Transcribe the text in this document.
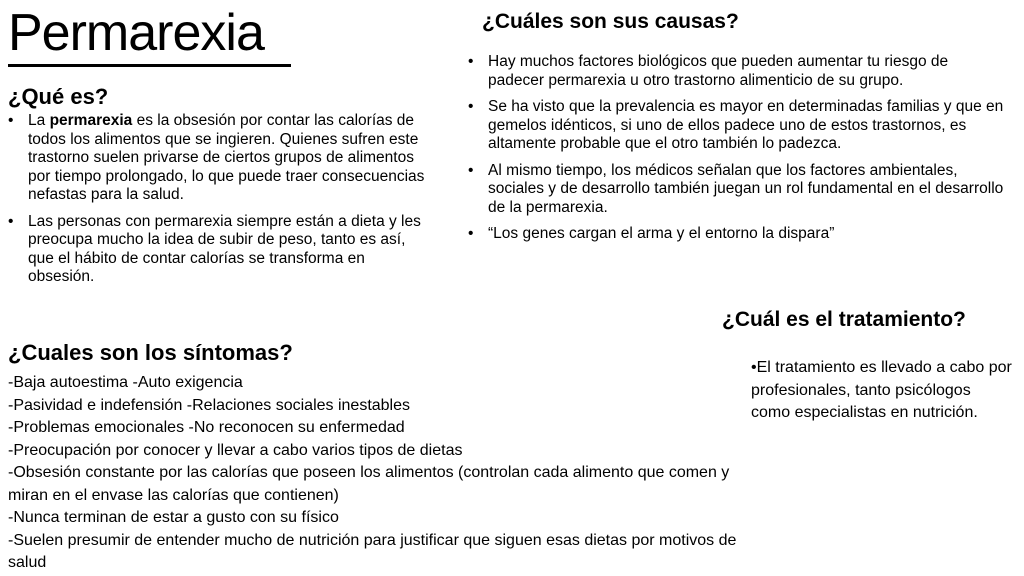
Permarexia
¿Qué es?
• La permarexia es la obsesión por contar las calorías de todos los alimentos que se ingieren. Quienes sufren este trastorno suelen privarse de ciertos grupos de alimentos por tiempo prolongado, lo que puede traer consecuencias nefastas para la salud.
• Las personas con permarexia siempre están a dieta y les preocupa mucho la idea de subir de peso, tanto es así, que el hábito de contar calorías se transforma en obsesión.
¿Cuáles son sus causas?
• Hay muchos factores biológicos que pueden aumentar tu riesgo de padecer permarexia u otro trastorno alimenticio de su grupo.
• Se ha visto que la prevalencia es mayor en determinadas familias y que en gemelos idénticos, si uno de ellos padece uno de estos trastornos, es altamente probable que el otro también lo padezca.
• Al mismo tiempo, los médicos señalan que los factores ambientales, sociales y de desarrollo también juegan un rol fundamental en el desarrollo de la permarexia.
• “Los genes cargan el arma y el entorno la dispara”
¿Cuales son los síntomas?
-Baja autoestima -Auto exigencia
-Pasividad e indefensión -Relaciones sociales inestables
-Problemas emocionales -No reconocen su enfermedad
-Preocupación por conocer y llevar a cabo varios tipos de dietas
-Obsesión constante por las calorías que poseen los alimentos (controlan cada alimento que comen y miran en el envase las calorías que contienen)
-Nunca terminan de estar a gusto con su físico
-Suelen presumir de entender mucho de nutrición para justificar que siguen esas dietas por motivos de salud
¿Cuál es el tratamiento?
•El tratamiento es llevado a cabo por profesionales, tanto psicólogos como especialistas en nutrición.
